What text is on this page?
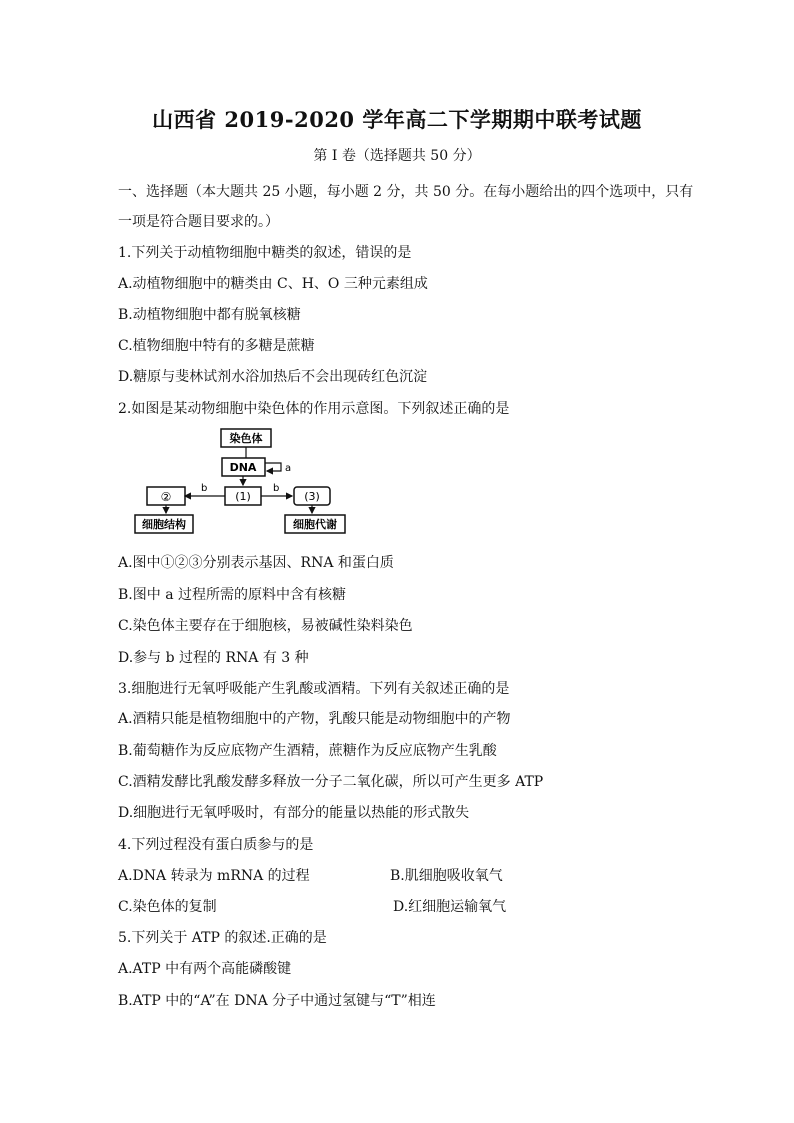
山西省 2019-2020 学年高二下学期期中联考试题
第 I 卷（选择题共 50 分）
一、选择题（本大题共 25 小题，每小题 2 分，共 50 分。在每小题给出的四个选项中，只有
一项是符合题目要求的。）
1.下列关于动植物细胞中糖类的叙述，错误的是
A.动植物细胞中的糖类由 C、H、O 三种元素组成
B.动植物细胞中都有脱氧核糖
C.植物细胞中特有的多糖是蔗糖
D.糖原与斐林试剂水浴加热后不会出现砖红色沉淀
2.如图是某动物细胞中染色体的作用示意图。下列叙述正确的是
染色体
DNA	a
(1)
b	b
②	(3)
细胞结构	细胞代谢
A.图中①②③分别表示基因、RNA 和蛋白质
B.图中 a 过程所需的原料中含有核糖
C.染色体主要存在于细胞核，易被碱性染料染色
D.参与 b 过程的 RNA 有 3 种
3.细胞进行无氧呼吸能产生乳酸或酒精。下列有关叙述正确的是
A.酒精只能是植物细胞中的产物，乳酸只能是动物细胞中的产物
B.葡萄糖作为反应底物产生酒精，蔗糖作为反应底物产生乳酸
C.酒精发酵比乳酸发酵多释放一分子二氧化碳，所以可产生更多 ATP
D.细胞进行无氧呼吸时，有部分的能量以热能的形式散失
4.下列过程没有蛋白质参与的是
A.DNA 转录为 mRNA 的过程	B.肌细胞吸收氧气
C.染色体的复制	D.红细胞运输氧气
5.下列关于 ATP 的叙述.正确的是
A.ATP 中有两个高能磷酸键
B.ATP 中的“A”在 DNA 分子中通过氢键与“T”相连
